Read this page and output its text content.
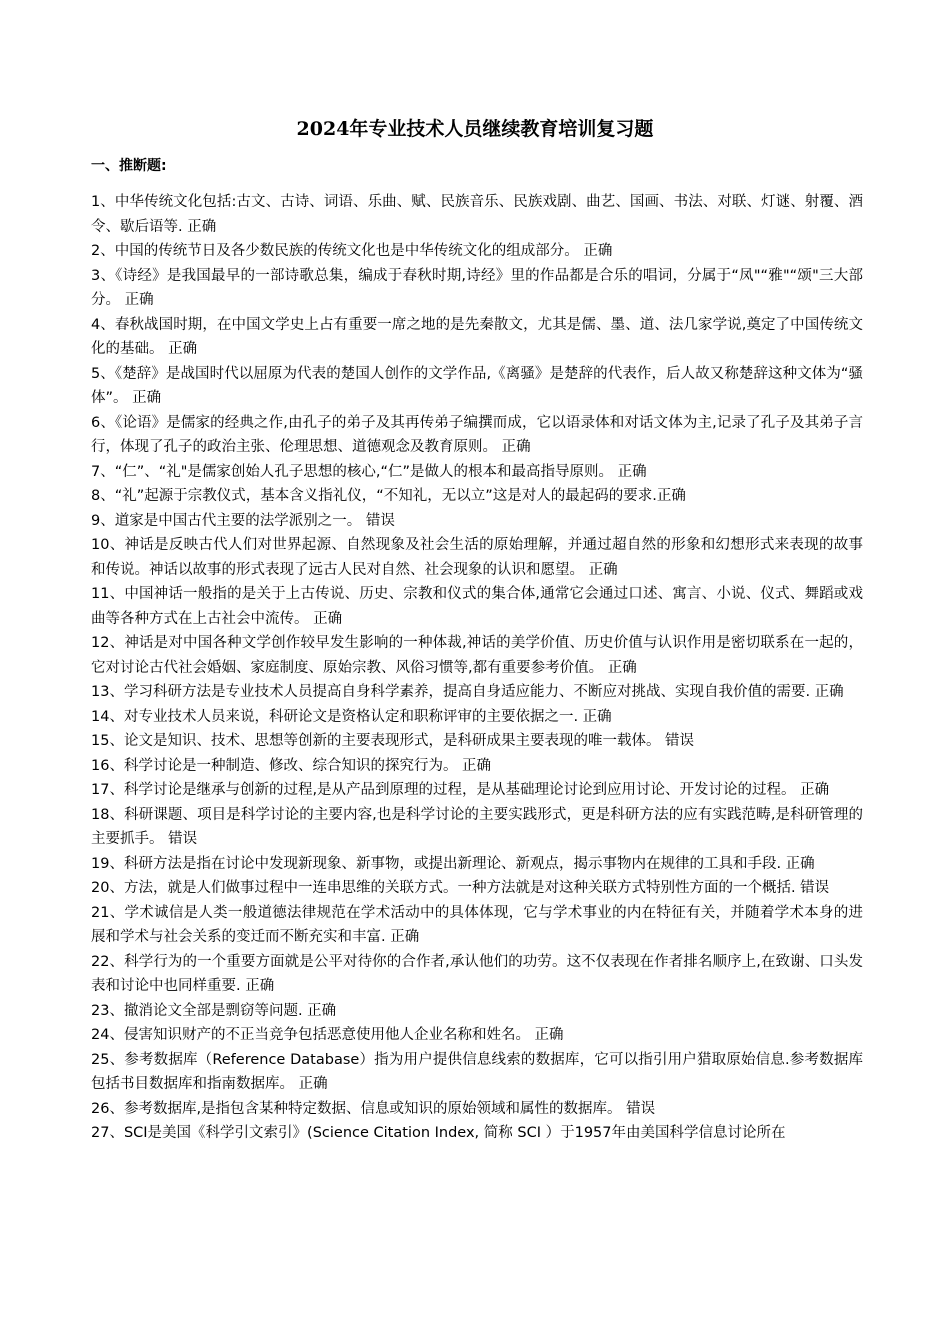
2024年专业技术人员继续教育培训复习题
一、推断题:
1、中华传统文化包括:古文、古诗、词语、乐曲、赋、民族音乐、民族戏剧、曲艺、国画、书法、对联、灯谜、射覆、酒令、歇后语等. 正确
2、中国的传统节日及各少数民族的传统文化也是中华传统文化的组成部分。 正确
3、《诗经》是我国最早的一部诗歌总集，编成于春秋时期,诗经》里的作品都是合乐的唱词，分属于“凤"“雅"“颂"三大部分。 正确
4、春秋战国时期，在中国文学史上占有重要一席之地的是先秦散文，尤其是儒、墨、道、法几家学说,奠定了中国传统文化的基础。 正确
5、《楚辞》是战国时代以屈原为代表的楚国人创作的文学作品,《离骚》是楚辞的代表作，后人故又称楚辞这种文体为“骚体”。 正确
6、《论语》是儒家的经典之作,由孔子的弟子及其再传弟子编撰而成，它以语录体和对话文体为主,记录了孔子及其弟子言行，体现了孔子的政治主张、伦理思想、道德观念及教育原则。 正确
7、“仁”、“礼"是儒家创始人孔子思想的核心,“仁”是做人的根本和最高指导原则。 正确
8、“礼”起源于宗教仪式，基本含义指礼仪，“不知礼，无以立”这是对人的最起码的要求.正确
9、道家是中国古代主要的法学派别之一。 错误
10、神话是反映古代人们对世界起源、自然现象及社会生活的原始理解，并通过超自然的形象和幻想形式来表现的故事和传说。神话以故事的形式表现了远古人民对自然、社会现象的认识和愿望。 正确
11、中国神话一般指的是关于上古传说、历史、宗教和仪式的集合体,通常它会通过口述、寓言、小说、仪式、舞蹈或戏曲等各种方式在上古社会中流传。 正确
12、神话是对中国各种文学创作较早发生影响的一种体裁,神话的美学价值、历史价值与认识作用是密切联系在一起的，它对讨论古代社会婚姻、家庭制度、原始宗教、风俗习惯等,都有重要参考价值。 正确
13、学习科研方法是专业技术人员提高自身科学素养，提高自身适应能力、不断应对挑战、实现自我价值的需要. 正确
14、对专业技术人员来说，科研论文是资格认定和职称评审的主要依据之一. 正确
15、论文是知识、技术、思想等创新的主要表现形式，是科研成果主要表现的唯一载体。 错误
16、科学讨论是一种制造、修改、综合知识的探究行为。 正确
17、科学讨论是继承与创新的过程,是从产品到原理的过程，是从基础理论讨论到应用讨论、开发讨论的过程。 正确
18、科研课题、项目是科学讨论的主要内容,也是科学讨论的主要实践形式，更是科研方法的应有实践范畴,是科研管理的主要抓手。 错误
19、科研方法是指在讨论中发现新现象、新事物，或提出新理论、新观点，揭示事物内在规律的工具和手段. 正确
20、方法，就是人们做事过程中一连串思维的关联方式。一种方法就是对这种关联方式特别性方面的一个概括. 错误
21、学术诚信是人类一般道德法律规范在学术活动中的具体体现，它与学术事业的内在特征有关，并随着学术本身的进展和学术与社会关系的变迁而不断充实和丰富. 正确
22、科学行为的一个重要方面就是公平对待你的合作者,承认他们的功劳。这不仅表现在作者排名顺序上,在致谢、口头发表和讨论中也同样重要. 正确
23、撤消论文全部是剽窃等问题. 正确
24、侵害知识财产的不正当竞争包括恶意使用他人企业名称和姓名。 正确
25、参考数据库（Reference Database）指为用户提供信息线索的数据库，它可以指引用户猎取原始信息.参考数据库包括书目数据库和指南数据库。 正确
26、参考数据库,是指包含某种特定数据、信息或知识的原始领域和属性的数据库。 错误
27、SCI是美国《科学引文索引》(Science Citation Index, 简称 SCI ）于1957年由美国科学信息讨论所在
